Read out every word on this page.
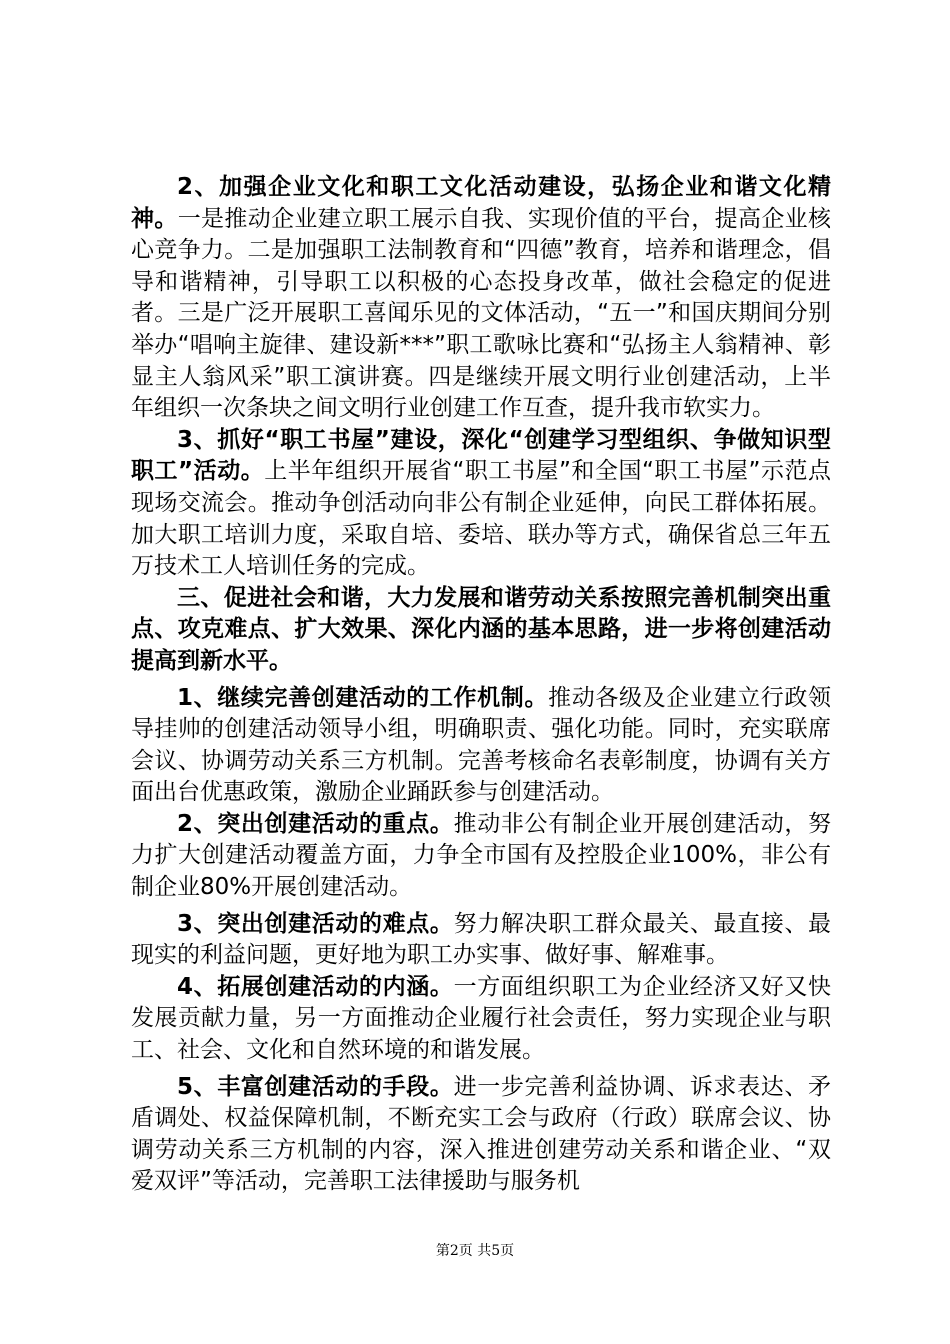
2、加强企业文化和职工文化活动建设，弘扬企业和谐文化精神。一是推动企业建立职工展示自我、实现价值的平台，提高企业核心竞争力。二是加强职工法制教育和“四德”教育，培养和谐理念，倡导和谐精神，引导职工以积极的心态投身改革，做社会稳定的促进者。三是广泛开展职工喜闻乐见的文体活动，“五一”和国庆期间分别举办“唱响主旋律、建设新***”职工歌咏比赛和“弘扬主人翁精神、彰显主人翁风采”职工演讲赛。四是继续开展文明行业创建活动，上半年组织一次条块之间文明行业创建工作互查，提升我市软实力。

3、抓好“职工书屋”建设，深化“创建学习型组织、争做知识型职工”活动。上半年组织开展省“职工书屋”和全国“职工书屋”示范点现场交流会。推动争创活动向非公有制企业延伸，向民工群体拓展。加大职工培训力度，采取自培、委培、联办等方式，确保省总三年五万技术工人培训任务的完成。

三、促进社会和谐，大力发展和谐劳动关系按照完善机制突出重点、攻克难点、扩大效果、深化内涵的基本思路，进一步将创建活动提高到新水平。

1、继续完善创建活动的工作机制。推动各级及企业建立行政领导挂帅的创建活动领导小组，明确职责、强化功能。同时，充实联席会议、协调劳动关系三方机制。完善考核命名表彰制度，协调有关方面出台优惠政策，激励企业踊跃参与创建活动。

2、突出创建活动的重点。推动非公有制企业开展创建活动，努力扩大创建活动覆盖方面，力争全市国有及控股企业100%，非公有制企业80%开展创建活动。

3、突出创建活动的难点。努力解决职工群众最关、最直接、最现实的利益问题，更好地为职工办实事、做好事、解难事。

4、拓展创建活动的内涵。一方面组织职工为企业经济又好又快发展贡献力量，另一方面推动企业履行社会责任，努力实现企业与职工、社会、文化和自然环境的和谐发展。

5、丰富创建活动的手段。进一步完善利益协调、诉求表达、矛盾调处、权益保障机制，不断充实工会与政府（行政）联席会议、协调劳动关系三方机制的内容，深入推进创建劳动关系和谐企业、“双爱双评”等活动，完善职工法律援助与服务机

第2页 共5页
